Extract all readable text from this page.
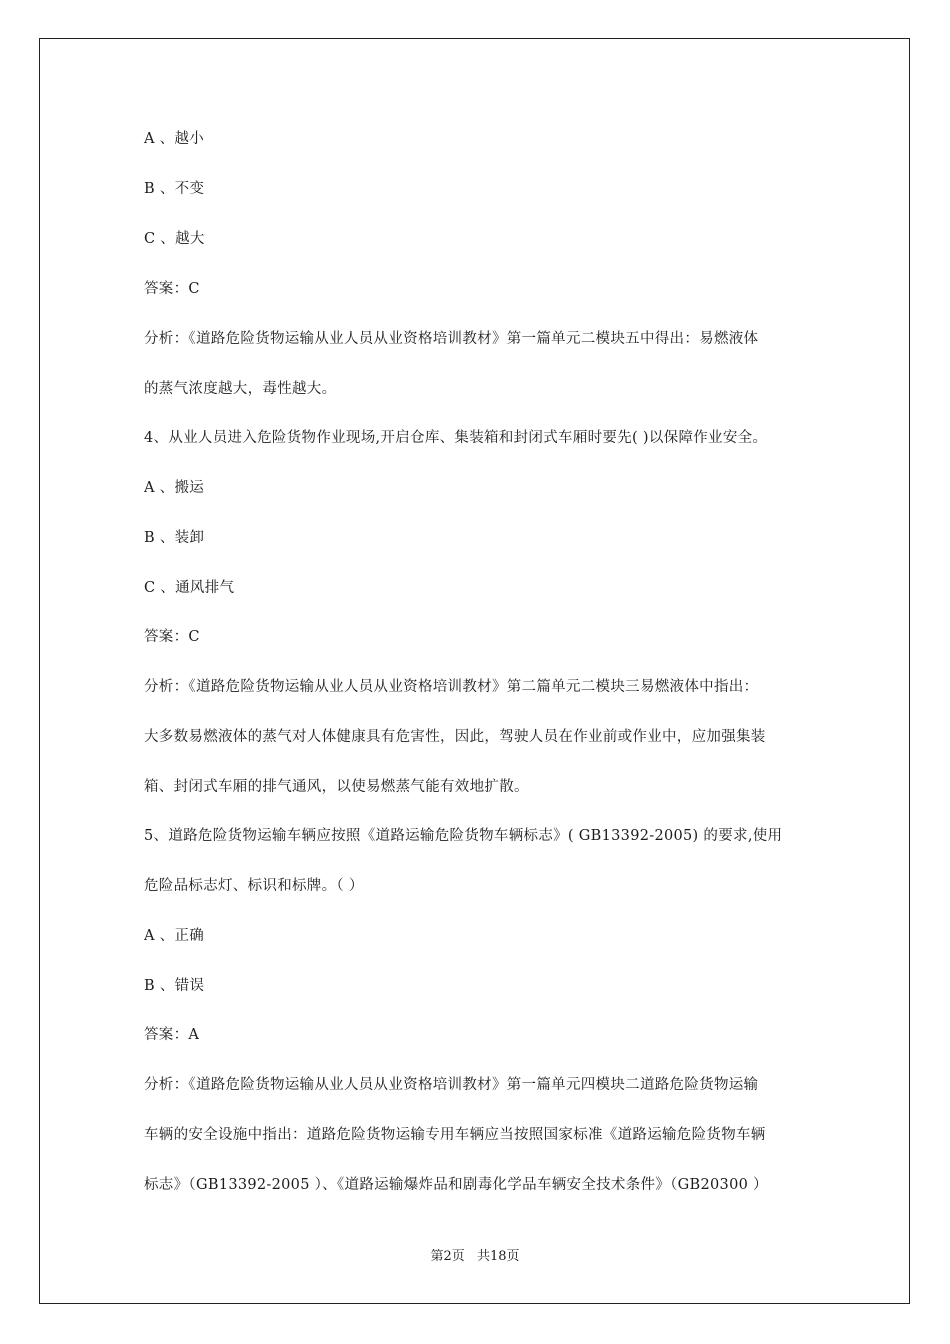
A 、越小
B 、不变
C 、越大
答案：C
分析：《道路危险货物运输从业人员从业资格培训教材》第一篇单元二模块五中得出：易燃液体
的蒸气浓度越大，毒性越大。
4、从业人员进入危险货物作业现场,开启仓库、集装箱和封闭式车厢时要先( )以保障作业安全。
A 、搬运
B 、装卸
C 、通风排气
答案：C
分析：《道路危险货物运输从业人员从业资格培训教材》第二篇单元二模块三易燃液体中指出：
大多数易燃液体的蒸气对人体健康具有危害性，因此，驾驶人员在作业前或作业中，应加强集装
箱、封闭式车厢的排气通风，以使易燃蒸气能有效地扩散。
5、道路危险货物运输车辆应按照《道路运输危险货物车辆标志》( GB13392-2005) 的要求,使用
危险品标志灯、标识和标牌。（ ）
A 、正确
B 、错误
答案：A
分析：《道路危险货物运输从业人员从业资格培训教材》第一篇单元四模块二道路危险货物运输
车辆的安全设施中指出：道路危险货物运输专用车辆应当按照国家标准《道路运输危险货物车辆
标志》（GB13392-2005 ）、《道路运输爆炸品和剧毒化学品车辆安全技术条件》（GB20300 ）
第2页 共18页
